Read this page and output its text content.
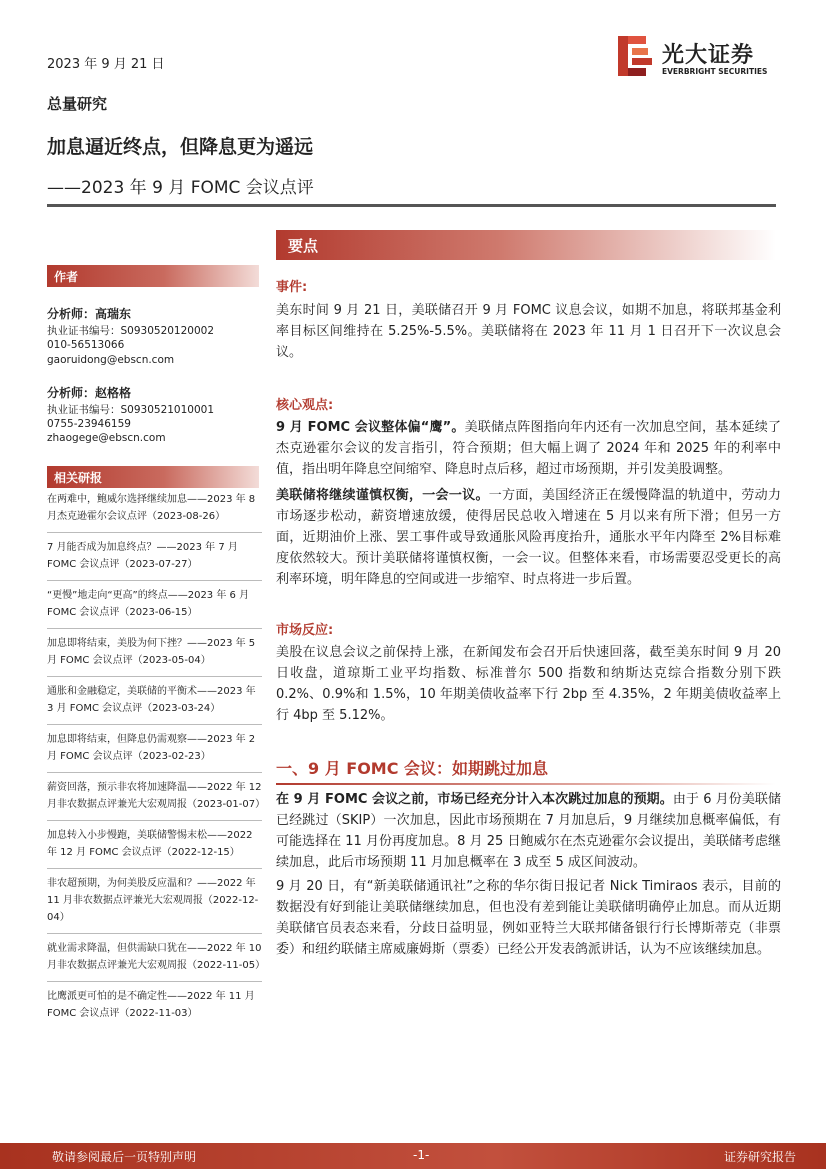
2023 年 9 月 21 日	光大证券
EVERBRIGHT SECURITIES
总量研究
加息逼近终点，但降息更为遥远
——2023 年 9 月 FOMC 会议点评
作者
分析师：高瑞东
执业证书编号：S0930520120002
010-56513066
gaoruidong@ebscn.com
分析师：赵格格
执业证书编号：S0930521010001
0755-23946159
zhaogege@ebscn.com
相关研报
在两难中，鲍威尔选择继续加息——2023 年 8 月杰克逊霍尔会议点评（2023-08-26）
7 月能否成为加息终点？——2023 年 7 月 FOMC 会议点评（2023-07-27）
“更慢”地走向“更高”的终点——2023 年 6 月 FOMC 会议点评（2023-06-15）
加息即将结束，美股为何下挫？——2023 年 5 月 FOMC 会议点评（2023-05-04）
通胀和金融稳定，美联储的平衡术——2023 年 3 月 FOMC 会议点评（2023-03-24）
加息即将结束，但降息仍需观察——2023 年 2 月 FOMC 会议点评（2023-02-23）
薪资回落，预示非农将加速降温——2022 年 12 月非农数据点评兼光大宏观周报（2023-01-07）
加息转入小步慢跑，美联储警惕末松——2022 年 12 月 FOMC 会议点评（2022-12-15）
非农超预期，为何美股反应温和？——2022 年 11 月非农数据点评兼光大宏观周报（2022-12-04）
就业需求降温，但供需缺口犹在——2022 年 10 月非农数据点评兼光大宏观周报（2022-11-05）
比鹰派更可怕的是不确定性——2022 年 11 月 FOMC 会议点评（2022-11-03）
要点
事件:
美东时间 9 月 21 日，美联储召开 9 月 FOMC 议息会议，如期不加息，将联邦基金利率目标区间维持在 5.25%-5.5%。美联储将在 2023 年 11 月 1 日召开下一次议息会议。
核心观点:
9 月 FOMC 会议整体偏“鹰”。美联储点阵图指向年内还有一次加息空间，基本延续了杰克逊霍尔会议的发言指引，符合预期；但大幅上调了 2024 年和 2025 年的利率中值，指出明年降息空间缩窄、降息时点后移，超过市场预期，并引发美股调整。
美联储将继续谨慎权衡，一会一议。一方面，美国经济正在缓慢降温的轨道中，劳动力市场逐步松动，薪资增速放缓，使得居民总收入增速在 5 月以来有所下滑；但另一方面，近期油价上涨、罢工事件或导致通胀风险再度抬升，通胀水平年内降至 2%目标难度依然较大。预计美联储将谨慎权衡，一会一议。但整体来看，市场需要忍受更长的高利率环境，明年降息的空间或进一步缩窄、时点将进一步后置。
市场反应:
美股在议息会议之前保持上涨，在新闻发布会召开后快速回落，截至美东时间 9 月 20 日收盘，道琼斯工业平均指数、标准普尔 500 指数和纳斯达克综合指数分别下跌 0.2%、0.9%和 1.5%，10 年期美债收益率下行 2bp 至 4.35%，2 年期美债收益率上行 4bp 至 5.12%。
一、9 月 FOMC 会议：如期跳过加息
在 9 月 FOMC 会议之前，市场已经充分计入本次跳过加息的预期。由于 6 月份美联储已经跳过（SKIP）一次加息，因此市场预期在 7 月加息后，9 月继续加息概率偏低，有可能选择在 11 月份再度加息。8 月 25 日鲍威尔在杰克逊霍尔会议提出，美联储考虑继续加息，此后市场预期 11 月加息概率在 3 成至 5 成区间波动。
9 月 20 日，有“新美联储通讯社”之称的华尔街日报记者 Nick Timiraos 表示，目前的数据没有好到能让美联储继续加息，但也没有差到能让美联储明确停止加息。而从近期美联储官员表态来看，分歧日益明显，例如亚特兰大联邦储备银行行长博斯蒂克（非票委）和纽约联储主席威廉姆斯（票委）已经公开发表鸽派讲话，认为不应该继续加息。
敬请参阅最后一页特别声明	-1-	证券研究报告
